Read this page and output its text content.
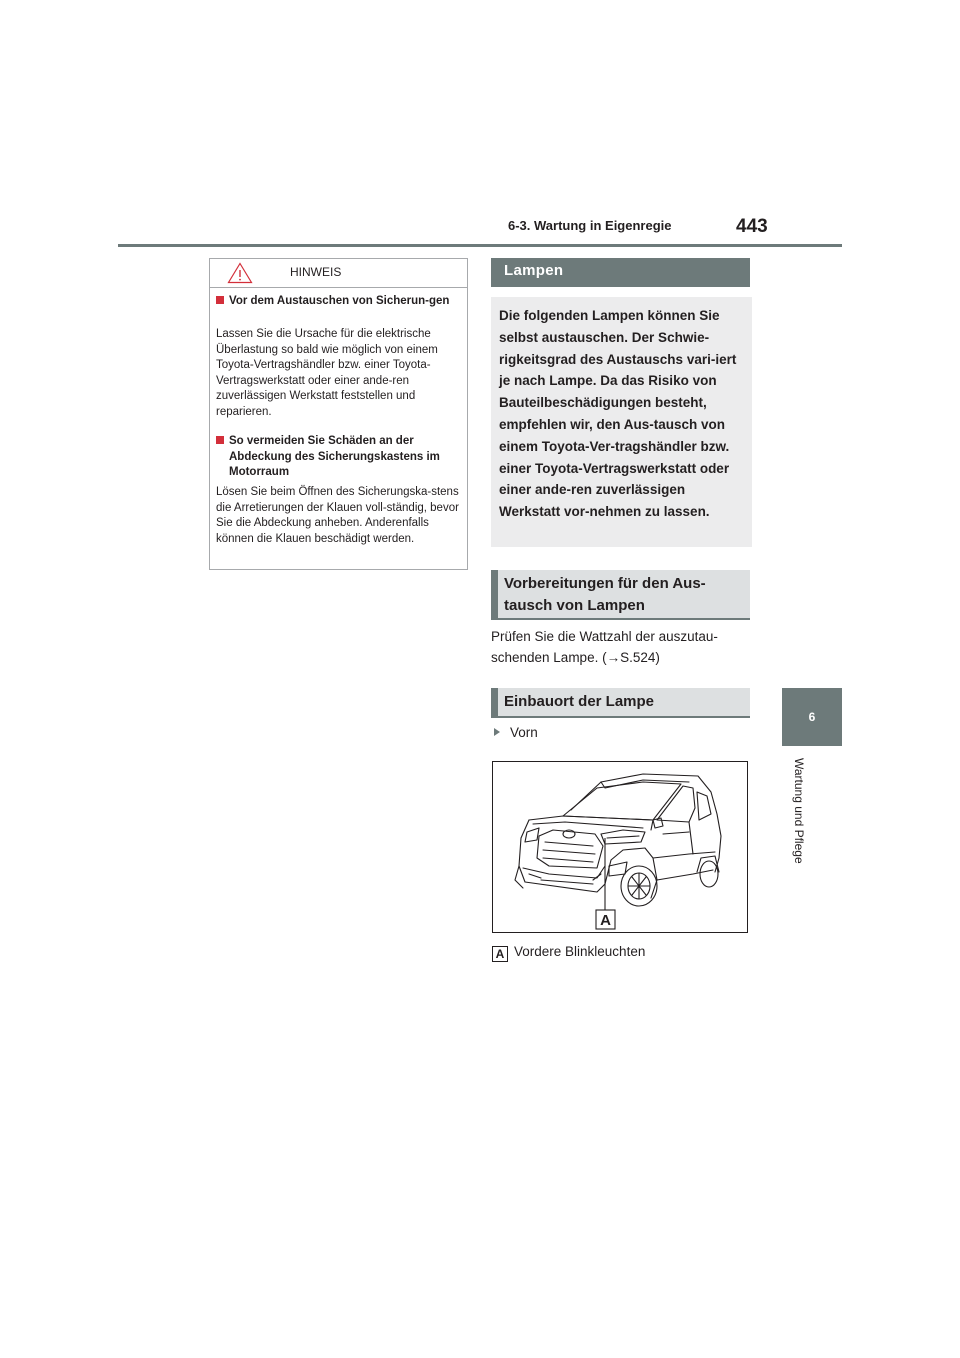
6-3. Wartung in Eigenregie	443
6
Wartung und Pflege
HINWEIS
Vor dem Austauschen von Sicherun-gen
Lassen Sie die Ursache für die elektrische Überlastung so bald wie möglich von einem Toyota-Vertragshändler bzw. einer Toyota-Vertragswerkstatt oder einer ande-ren zuverlässigen Werkstatt feststellen und reparieren.
So vermeiden Sie Schäden an der Abdeckung des Sicherungskastens im Motorraum
Lösen Sie beim Öffnen des Sicherungska-stens die Arretierungen der Klauen voll-ständig, bevor Sie die Abdeckung anheben. Anderenfalls können die Klauen beschädigt werden.
Lampen

Die folgenden Lampen können Sie selbst austauschen. Der Schwie-rigkeitsgrad des Austauschs vari-iert je nach Lampe. Da das Risiko von Bauteilbeschädigungen besteht, empfehlen wir, den Aus-tausch von einem Toyota-Ver-tragshändler bzw. einer Toyota-Vertragswerkstatt oder einer ande-ren zuverlässigen Werkstatt vor-nehmen zu lassen.

Vorbereitungen für den Aus-tausch von Lampen
Prüfen Sie die Wattzahl der auszutau-schenden Lampe. (→S.524)
Einbauort der Lampe
Vorn
A
A Vordere Blinkleuchten
